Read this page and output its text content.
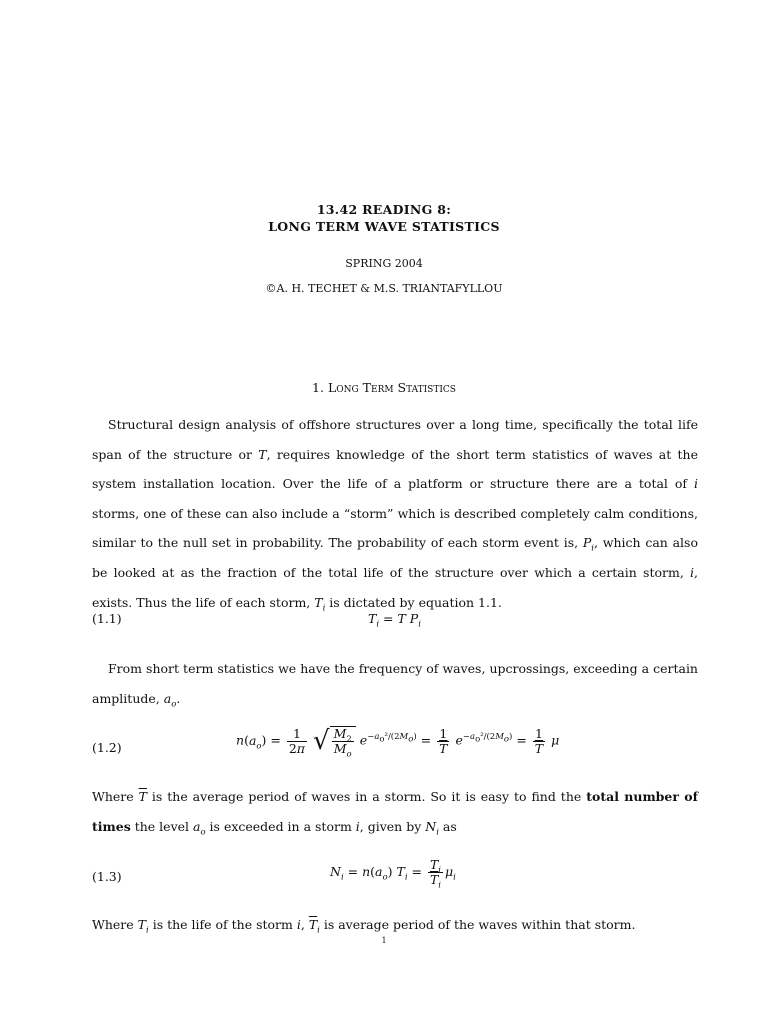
13.42 READING 8:
LONG TERM WAVE STATISTICS
SPRING 2004
©A. H. TECHET & M.S. TRIANTAFYLLOU
1. Long Term Statistics
Structural design analysis of offshore structures over a long time, specifically the total life span of the structure or T, requires knowledge of the short term statistics of waves at the system installation location. Over the life of a platform or structure there are a total of i storms, one of these can also include a “storm” which is described completely calm conditions, similar to the null set in probability. The probability of each storm event is, $P_i$, which can also be looked at as the fraction of the total life of the structure over which a certain storm, i, exists. Thus the life of each storm, $T_i$ is dictated by equation 1.1.
(1.1)	$T_i = T$ $P_i$
From short term statistics we have the frequency of waves, upcrossings, exceeding a certain amplitude, $a_o$.
(1.2)	$n(a_o) = \frac{1}{2\pi}$ √ $\frac{M_2}{M_o} e^{-a_o^2/(2M_o)} = \frac{1}{T} e^{-a_o^2/(2M_o)} = \frac{1}{T}$ μ
Where $\overline{T}$ is the average period of waves in a storm. So it is easy to find the total number of times the level $a_o$ is exceeded in a storm i, given by $N_i$ as
(1.3)	$N_i = n(a_o) T_i = \frac{T_i}{\overline{T}_i} \mu_i$
Where $T_i$ is the life of the storm i, $\overline{T}_i$ is average period of the waves within that storm.
1
